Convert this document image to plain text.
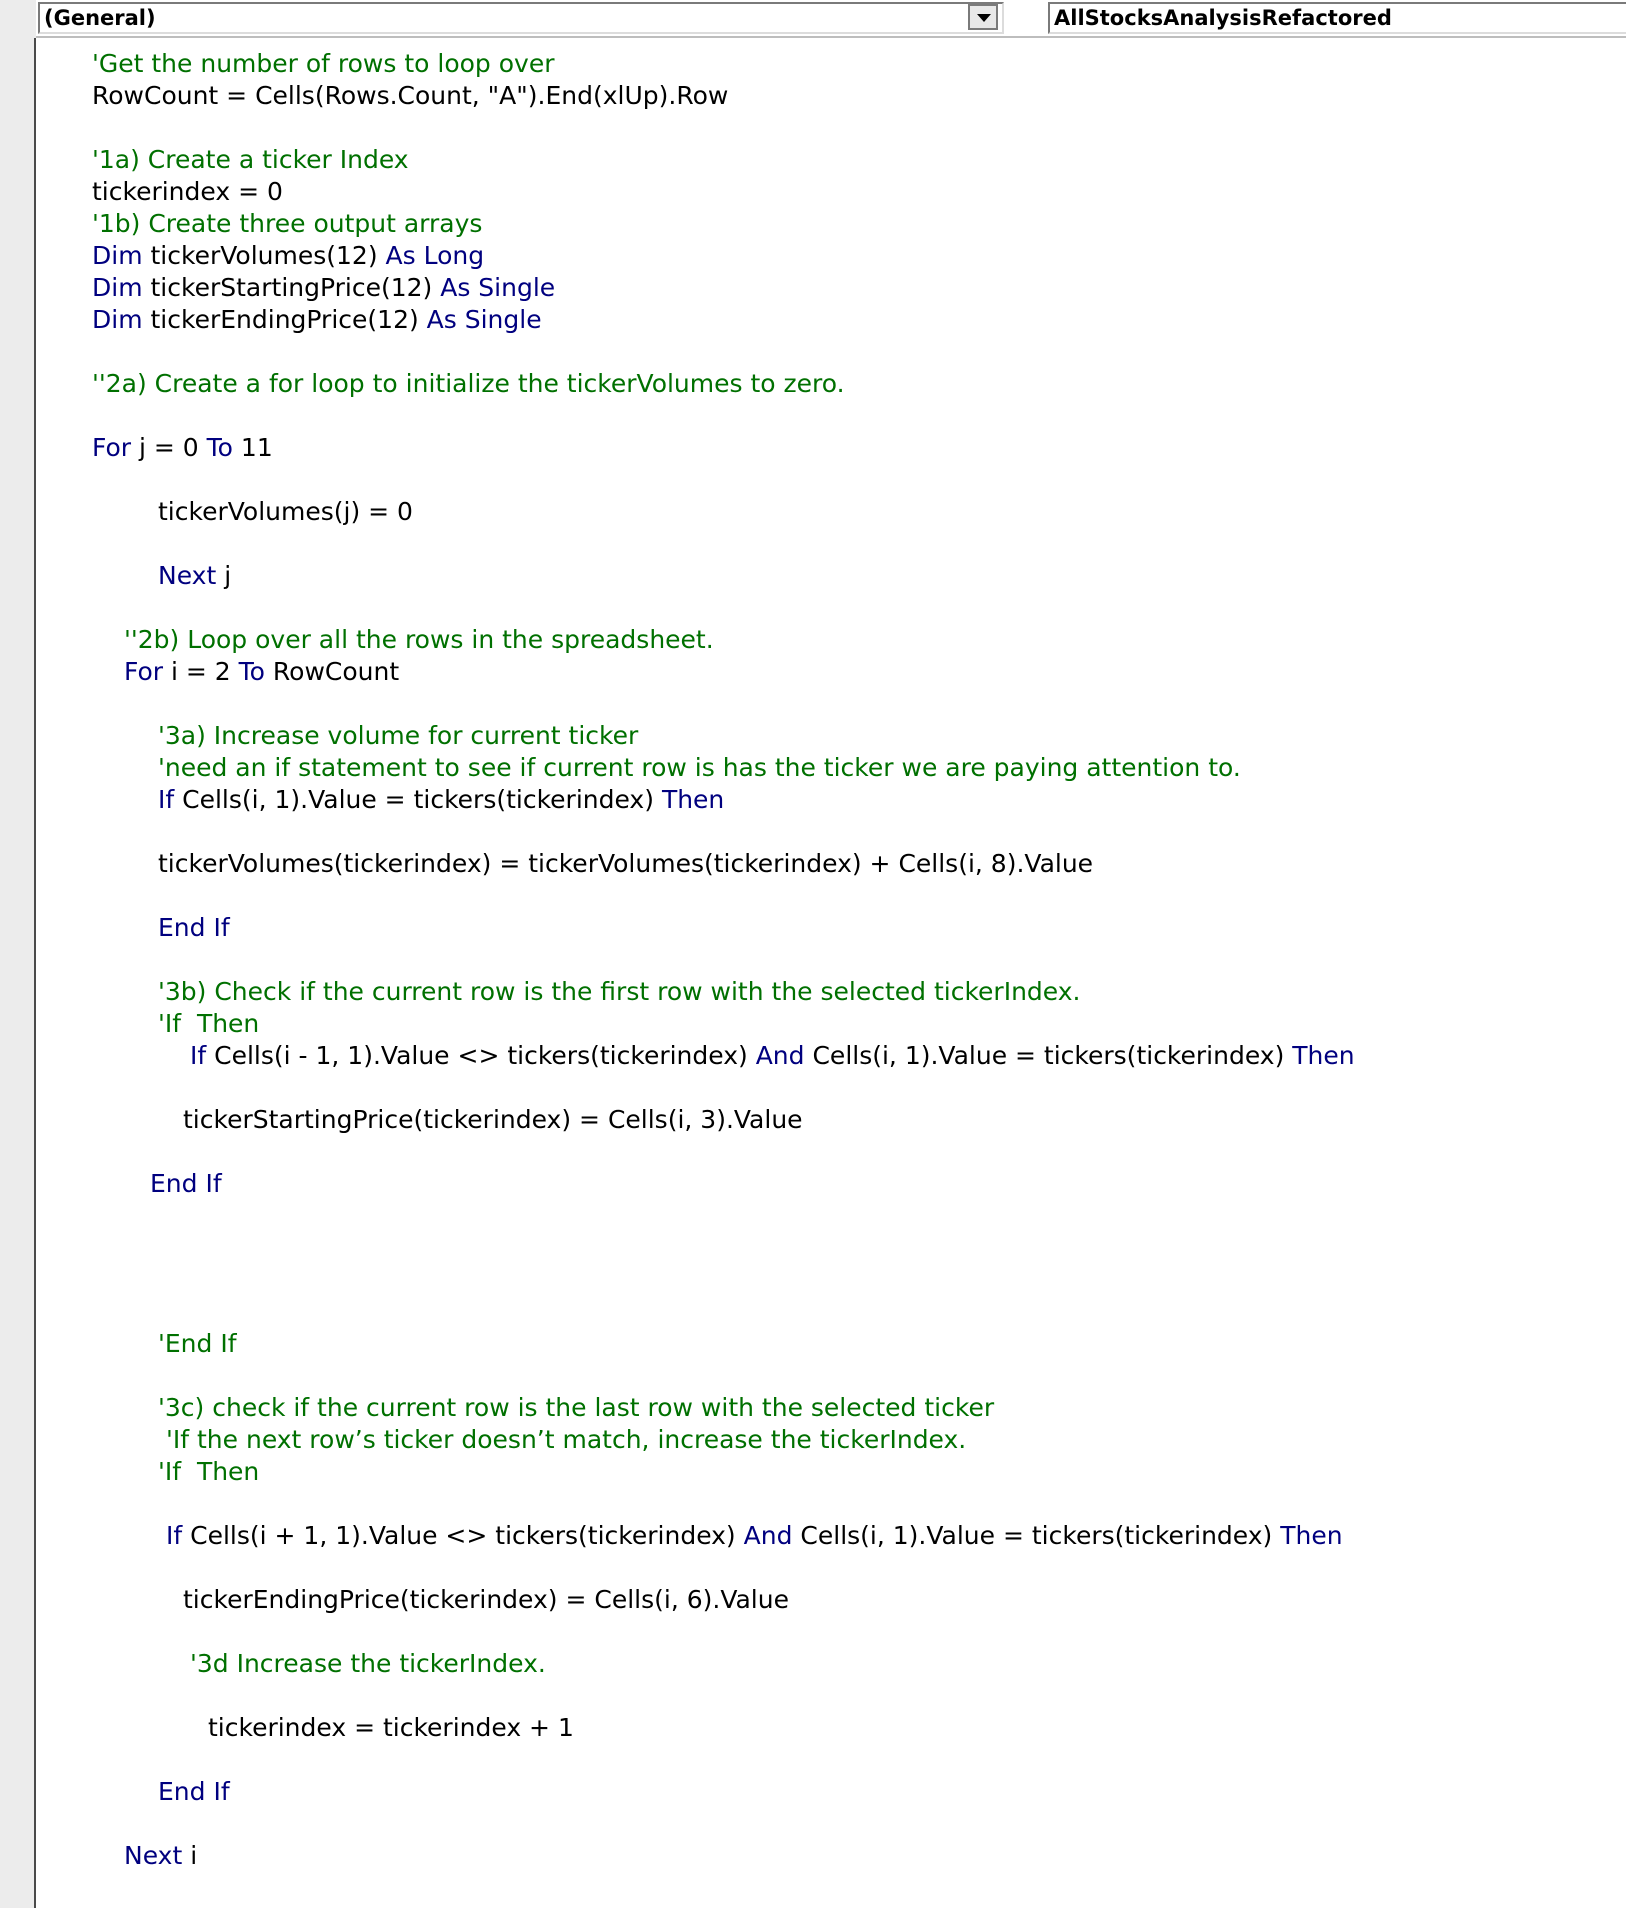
(General)	AllStocksAnalysisRefactored
'Get the number of rows to loop over
RowCount = Cells(Rows.Count, "A").End(xlUp).Row
'1a) Create a ticker Index
tickerindex = 0
'1b) Create three output arrays
Dim tickerVolumes(12) As Long
Dim tickerStartingPrice(12) As Single
Dim tickerEndingPrice(12) As Single
''2a) Create a for loop to initialize the tickerVolumes to zero.
For j = 0 To 11
tickerVolumes(j) = 0
Next j
''2b) Loop over all the rows in the spreadsheet.
For i = 2 To RowCount
'3a) Increase volume for current ticker
'need an if statement to see if current row is has the ticker we are paying attention to.
If Cells(i, 1).Value = tickers(tickerindex) Then
tickerVolumes(tickerindex) = tickerVolumes(tickerindex) + Cells(i, 8).Value
End If
'3b) Check if the current row is the first row with the selected tickerIndex.
'If  Then
If Cells(i - 1, 1).Value <> tickers(tickerindex) And Cells(i, 1).Value = tickers(tickerindex) Then
tickerStartingPrice(tickerindex) = Cells(i, 3).Value
End If
'End If
'3c) check if the current row is the last row with the selected ticker
'If the next row’s ticker doesn’t match, increase the tickerIndex.
'If  Then
If Cells(i + 1, 1).Value <> tickers(tickerindex) And Cells(i, 1).Value = tickers(tickerindex) Then
tickerEndingPrice(tickerindex) = Cells(i, 6).Value
'3d Increase the tickerIndex.
tickerindex = tickerindex + 1
End If
Next i
